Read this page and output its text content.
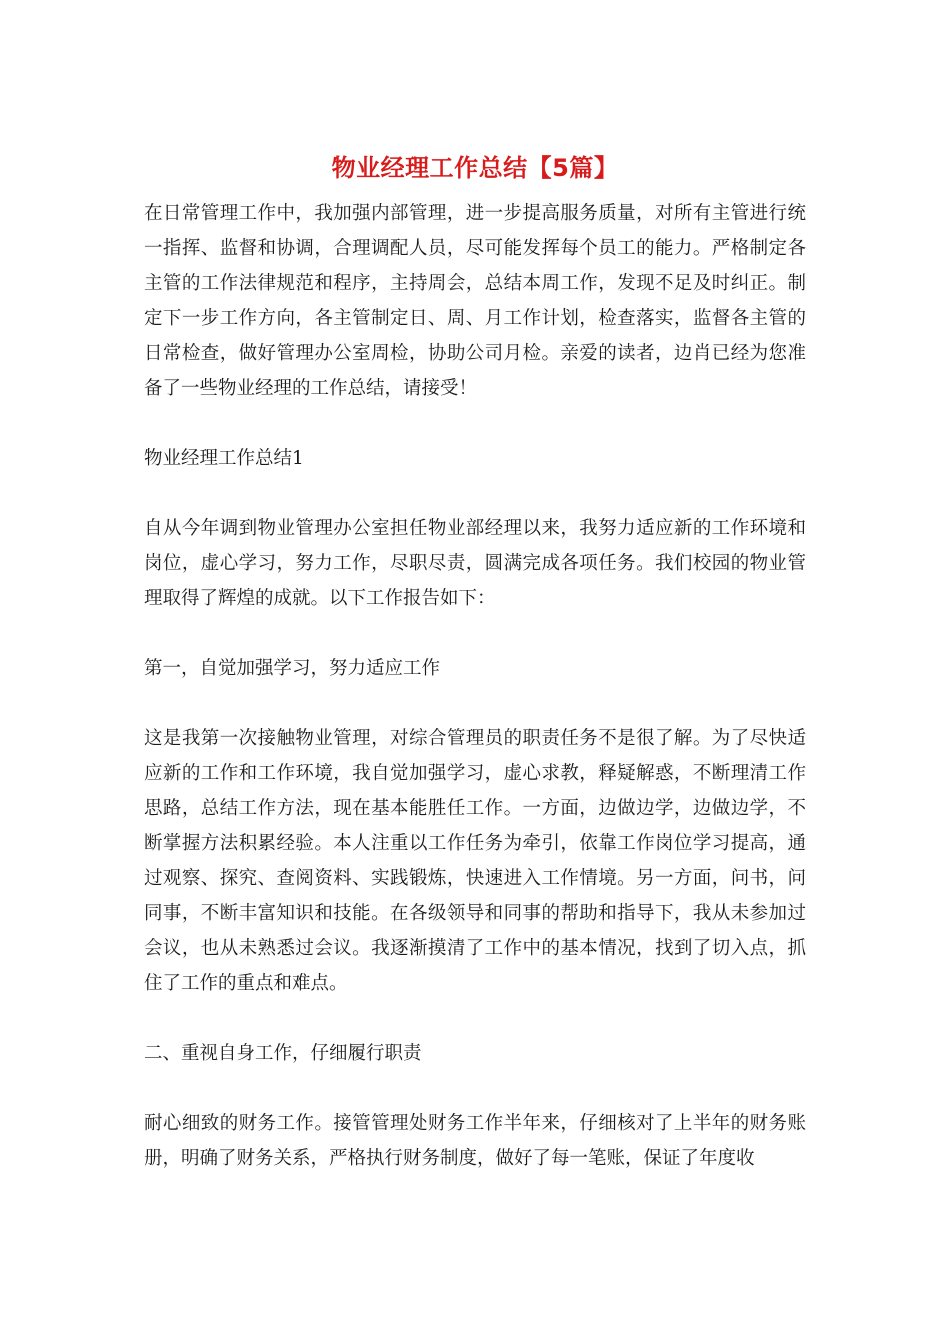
物业经理工作总结【5篇】

在日常管理工作中，我加强内部管理，进一步提高服务质量，对所有主管进行统一指挥、监督和协调，合理调配人员，尽可能发挥每个员工的能力。严格制定各主管的工作法律规范和程序，主持周会，总结本周工作，发现不足及时纠正。制定下一步工作方向，各主管制定日、周、月工作计划，检查落实，监督各主管的日常检查，做好管理办公室周检，协助公司月检。亲爱的读者，边肖已经为您准备了一些物业经理的工作总结，请接受！

物业经理工作总结1

自从今年调到物业管理办公室担任物业部经理以来，我努力适应新的工作环境和岗位，虚心学习，努力工作，尽职尽责，圆满完成各项任务。我们校园的物业管理取得了辉煌的成就。以下工作报告如下：

第一，自觉加强学习，努力适应工作

这是我第一次接触物业管理，对综合管理员的职责任务不是很了解。为了尽快适应新的工作和工作环境，我自觉加强学习，虚心求教，释疑解惑，不断理清工作思路，总结工作方法，现在基本能胜任工作。一方面，边做边学，边做边学，不断掌握方法积累经验。本人注重以工作任务为牵引，依靠工作岗位学习提高，通过观察、探究、查阅资料、实践锻炼，快速进入工作情境。另一方面，问书，问同事，不断丰富知识和技能。在各级领导和同事的帮助和指导下，我从未参加过会议，也从未熟悉过会议。我逐渐摸清了工作中的基本情况，找到了切入点，抓住了工作的重点和难点。

二、重视自身工作，仔细履行职责

耐心细致的财务工作。接管管理处财务工作半年来，仔细核对了上半年的财务账册，明确了财务关系，严格执行财务制度，做好了每一笔账，保证了年度收
